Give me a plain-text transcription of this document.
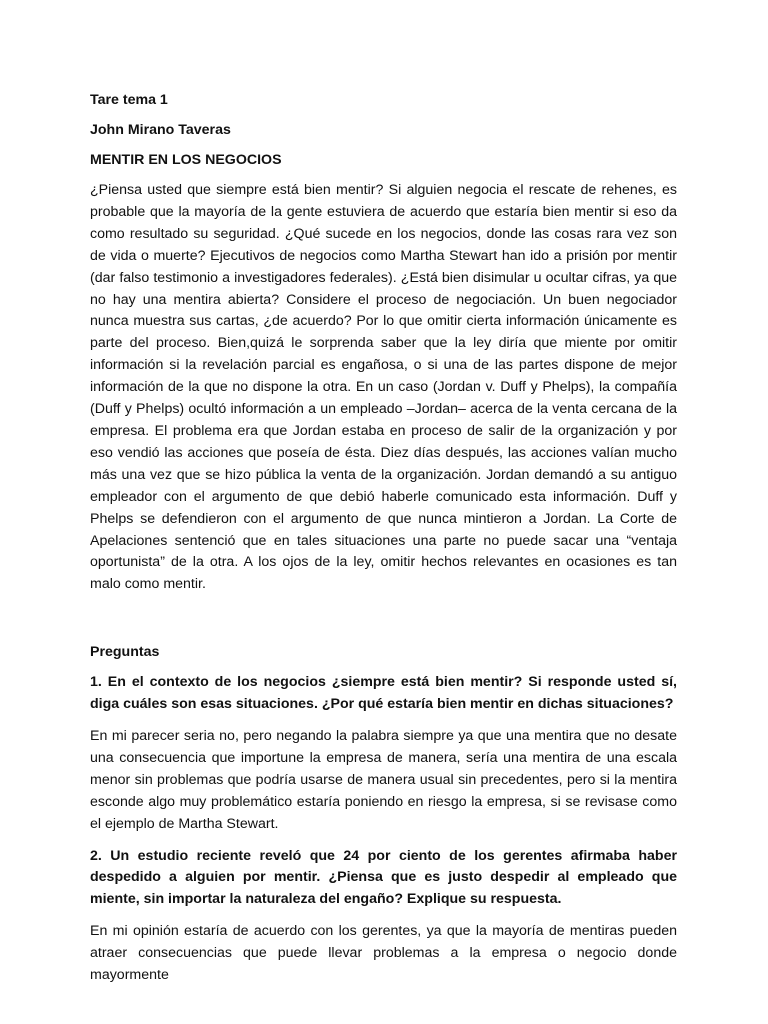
Tare tema 1
John Mirano Taveras
MENTIR EN LOS NEGOCIOS
¿Piensa usted que siempre está bien mentir? Si alguien negocia el rescate de rehenes, es probable que la mayoría de la gente estuviera de acuerdo que estaría bien mentir si eso da como resultado su seguridad. ¿Qué sucede en los negocios, donde las cosas rara vez son de vida o muerte? Ejecutivos de negocios como Martha Stewart han ido a prisión por mentir (dar falso testimonio a investigadores federales). ¿Está bien disimular u ocultar cifras, ya que no hay una mentira abierta? Considere el proceso de negociación. Un buen negociador nunca muestra sus cartas, ¿de acuerdo? Por lo que omitir cierta información únicamente es parte del proceso. Bien,quizá le sorprenda saber que la ley diría que miente por omitir información si la revelación parcial es engañosa, o si una de las partes dispone de mejor información de la que no dispone la otra. En un caso (Jordan v. Duff y Phelps), la compañía (Duff y Phelps) ocultó información a un empleado –Jordan– acerca de la venta cercana de la empresa. El problema era que Jordan estaba en proceso de salir de la organización y por eso vendió las acciones que poseía de ésta. Diez días después, las acciones valían mucho más una vez que se hizo pública la venta de la organización. Jordan demandó a su antiguo empleador con el argumento de que debió haberle comunicado esta información. Duff y Phelps se defendieron con el argumento de que nunca mintieron a Jordan. La Corte de Apelaciones sentenció que en tales situaciones una parte no puede sacar una “ventaja oportunista” de la otra. A los ojos de la ley, omitir hechos relevantes en ocasiones es tan malo como mentir.
Preguntas
1. En el contexto de los negocios ¿siempre está bien mentir? Si responde usted sí, diga cuáles son esas situaciones. ¿Por qué estaría bien mentir en dichas situaciones?
En mi parecer seria no, pero negando la palabra siempre ya que una mentira que no desate una consecuencia que importune la empresa de manera, sería una mentira de una escala menor sin problemas que podría usarse de manera usual sin precedentes, pero si la mentira esconde algo muy problemático estaría poniendo en riesgo la empresa, si se revisase como el ejemplo de Martha Stewart.
2. Un estudio reciente reveló que 24 por ciento de los gerentes afirmaba haber despedido a alguien por mentir. ¿Piensa que es justo despedir al empleado que miente, sin importar la naturaleza del engaño? Explique su respuesta.
En mi opinión estaría de acuerdo con los gerentes, ya que la mayoría de mentiras pueden atraer consecuencias que puede llevar problemas a la empresa o negocio donde mayormente
